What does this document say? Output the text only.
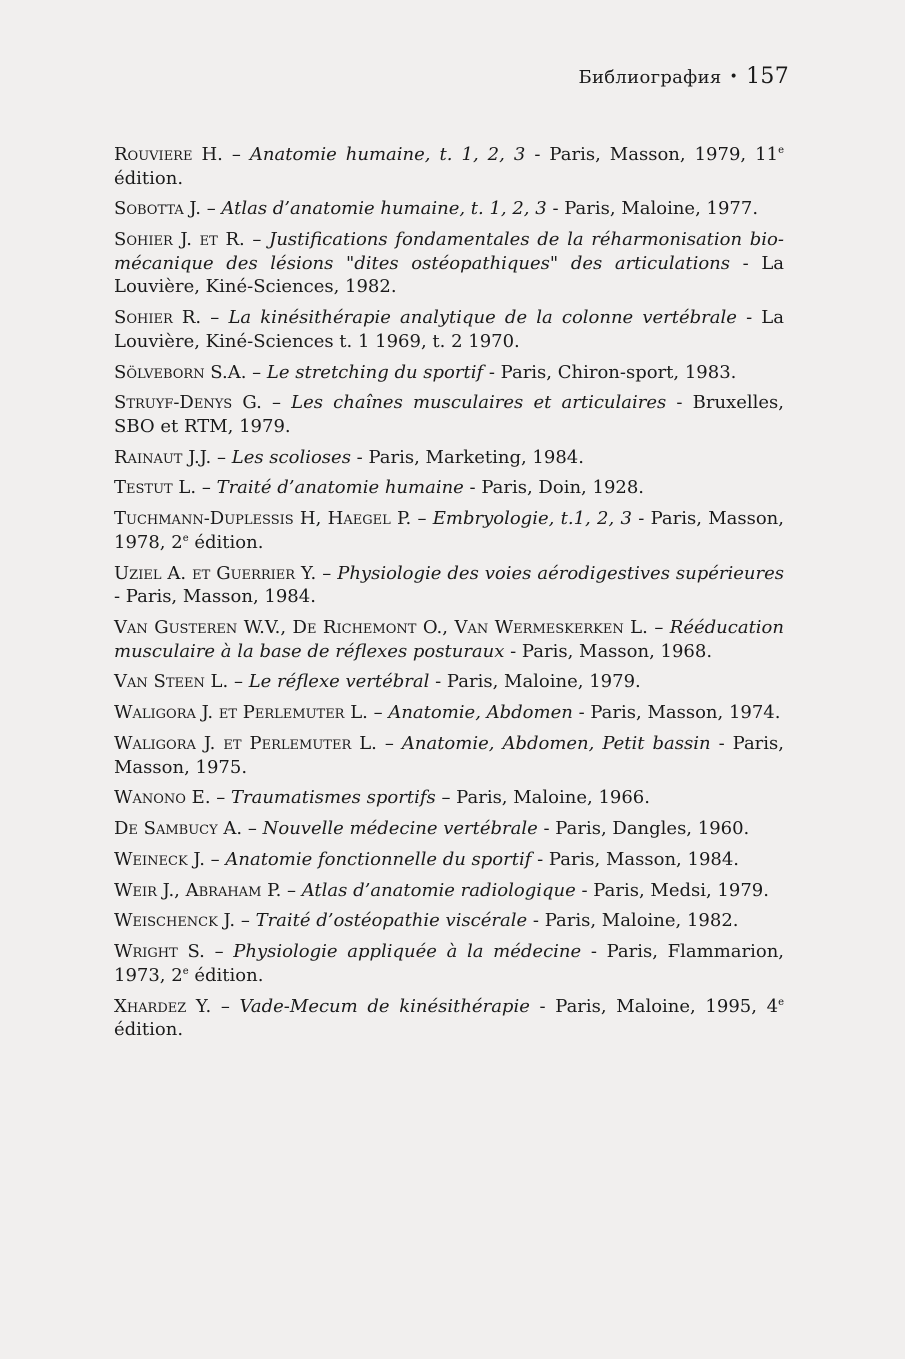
Библиография • 157

Rouviere H. – Anatomie humaine, t. 1, 2, 3 - Paris, Masson, 1979, 11e édition.

Sobotta J. – Atlas d’anatomie humaine, t. 1, 2, 3 - Paris, Maloine, 1977.

Sohier J. et R. – Justifications fondamentales de la réharmonisation bio-mécanique des lésions "dites ostéopathiques" des articulations - La Louvière, Kiné-Sciences, 1982.

Sohier R. – La kinésithérapie analytique de la colonne vertébrale - La Louvière, Kiné-Sciences t. 1 1969, t. 2 1970.

Sölveborn S.A. – Le stretching du sportif - Paris, Chiron-sport, 1983.

Struyf-Denys G. – Les chaînes musculaires et articulaires - Bruxelles, SBO et RTM, 1979.

Rainaut J.J. – Les scolioses - Paris, Marketing, 1984.

Testut L. – Traité d’anatomie humaine - Paris, Doin, 1928.

Tuchmann-Duplessis H, Haegel P. – Embryologie, t.1, 2, 3 - Paris, Masson, 1978, 2e édition.

Uziel A. et Guerrier Y. – Physiologie des voies aérodigestives supérieures - Paris, Masson, 1984.

Van Gusteren W.V., De Richemont O., Van Wermeskerken L. – Rééducation musculaire à la base de réflexes posturaux - Paris, Masson, 1968.

Van Steen L. – Le réflexe vertébral - Paris, Maloine, 1979.

Waligora J. et Perlemuter L. – Anatomie, Abdomen - Paris, Masson, 1974.

Waligora J. et Perlemuter L. – Anatomie, Abdomen, Petit bassin - Paris, Masson, 1975.

Wanono E. – Traumatismes sportifs – Paris, Maloine, 1966.

De Sambucy A. – Nouvelle médecine vertébrale - Paris, Dangles, 1960.

Weineck J. – Anatomie fonctionnelle du sportif - Paris, Masson, 1984.

Weir J., Abraham P. – Atlas d’anatomie radiologique - Paris, Medsi, 1979.

Weischenck J. – Traité d’ostéopathie viscérale - Paris, Maloine, 1982.

Wright S. – Physiologie appliquée à la médecine - Paris, Flammarion, 1973, 2e édition.

Xhardez Y. – Vade-Mecum de kinésithérapie - Paris, Maloine, 1995, 4e édition.
